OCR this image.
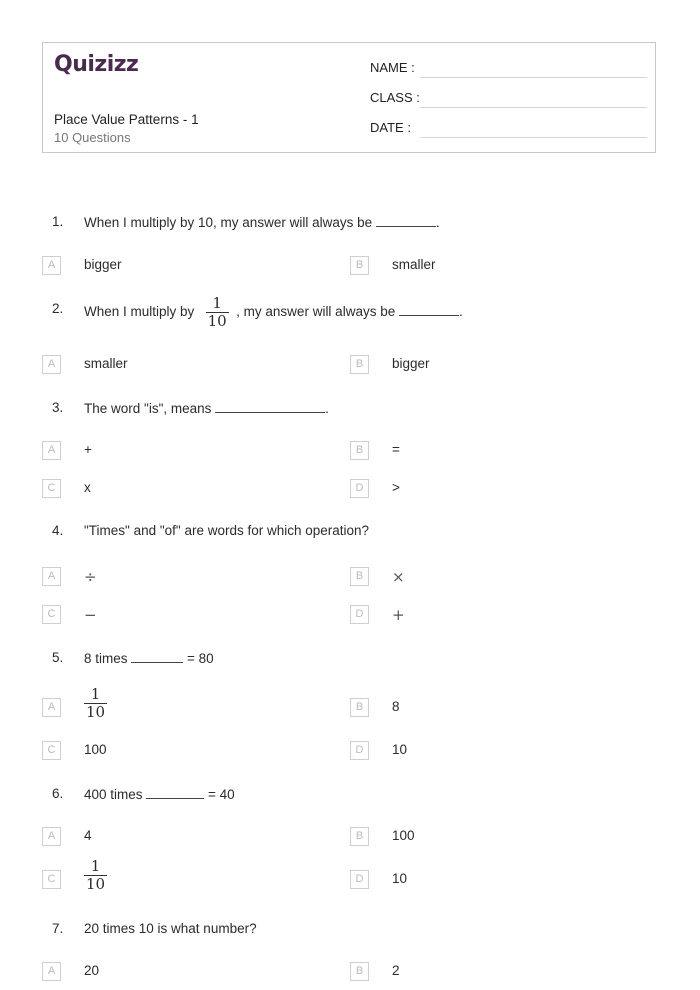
Quizizz
Place Value Patterns - 1
10 Questions
NAME :
CLASS :
DATE :
1. When I multiply by 10, my answer will always be	.
A	bigger	B	smaller
2. When I multiply by $\frac{1}{10}$ , my answer will always be	.
A	smaller	B	bigger
3. The word "is", means	.
A	+	B	=
C	x	D	>
4. "Times" and "of" are words for which operation?
A	÷	B	×
C	−	D	+
5. 8 times	= 80
A	$\frac{1}{10}$	B	8
C	100	D	10
6. 400 times	= 40
A	4	B	100
C	$\frac{1}{10}$	D	10
7. 20 times 10 is what number?
A	20	B	2
